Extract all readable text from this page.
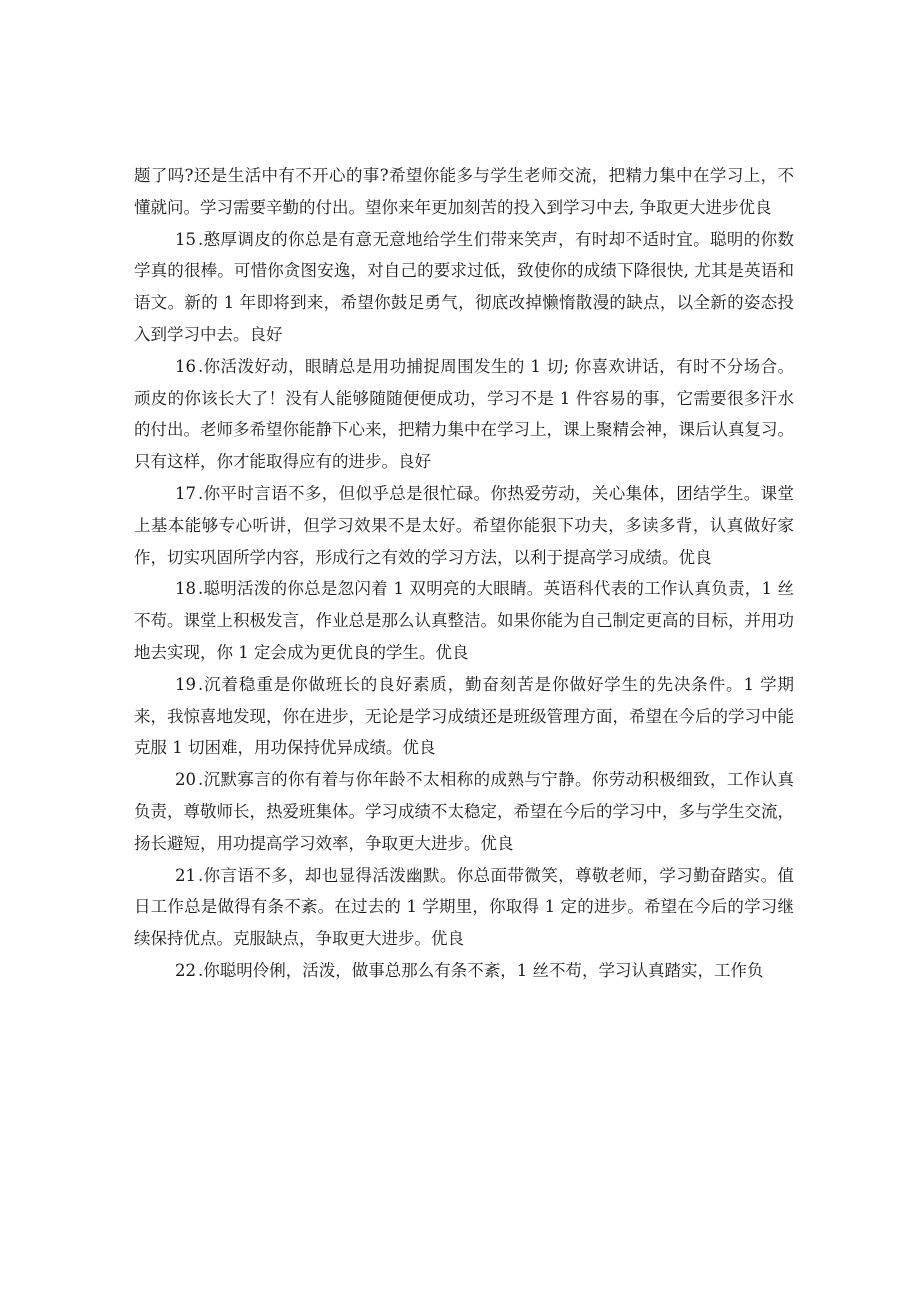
题了吗?还是生活中有不开心的事?希望你能多与学生老师交流，把精力集中在学习上，不懂就问。学习需要辛勤的付出。望你来年更加刻苦的投入到学习中去, 争取更大进步优良

15 .憨厚调皮的你总是有意无意地给学生们带来笑声，有时却不适时宜。聪明的你数学真的很棒。可惜你贪图安逸，对自己的要求过低，致使你的成绩下降很快, 尤其是英语和语文。新的 1 年即将到来，希望你鼓足勇气，彻底改掉懒惰散漫的缺点，以全新的姿态投入到学习中去。良好

16 .你活泼好动，眼睛总是用功捕捉周围发生的 1 切; 你喜欢讲话，有时不分场合。顽皮的你该长大了！没有人能够随随便便成功，学习不是 1 件容易的事，它需要很多汗水的付出。老师多希望你能静下心来，把精力集中在学习上，课上聚精会神，课后认真复习。只有这样，你才能取得应有的进步。良好

17 .你平时言语不多，但似乎总是很忙碌。你热爱劳动，关心集体，团结学生。课堂上基本能够专心听讲，但学习效果不是太好。希望你能狠下功夫，多读多背，认真做好家作，切实巩固所学内容，形成行之有效的学习方法，以利于提高学习成绩。优良

18 .聪明活泼的你总是忽闪着 1 双明亮的大眼睛。英语科代表的工作认真负责，1 丝不苟。课堂上积极发言，作业总是那么认真整洁。如果你能为自己制定更高的目标，并用功地去实现，你 1 定会成为更优良的学生。优良

19 .沉着稳重是你做班长的良好素质，勤奋刻苦是你做好学生的先决条件。1 学期来，我惊喜地发现，你在进步，无论是学习成绩还是班级管理方面，希望在今后的学习中能克服 1 切困难，用功保持优异成绩。优良

20 .沉默寡言的你有着与你年龄不太相称的成熟与宁静。你劳动积极细致，工作认真负责，尊敬师长，热爱班集体。学习成绩不太稳定，希望在今后的学习中，多与学生交流，扬长避短，用功提高学习效率，争取更大进步。优良

21 .你言语不多，却也显得活泼幽默。你总面带微笑，尊敬老师，学习勤奋踏实。值日工作总是做得有条不紊。在过去的 1 学期里，你取得 1 定的进步。希望在今后的学习继续保持优点。克服缺点，争取更大进步。优良

22 .你聪明伶俐，活泼，做事总那么有条不紊，1 丝不苟，学习认真踏实，工作负
